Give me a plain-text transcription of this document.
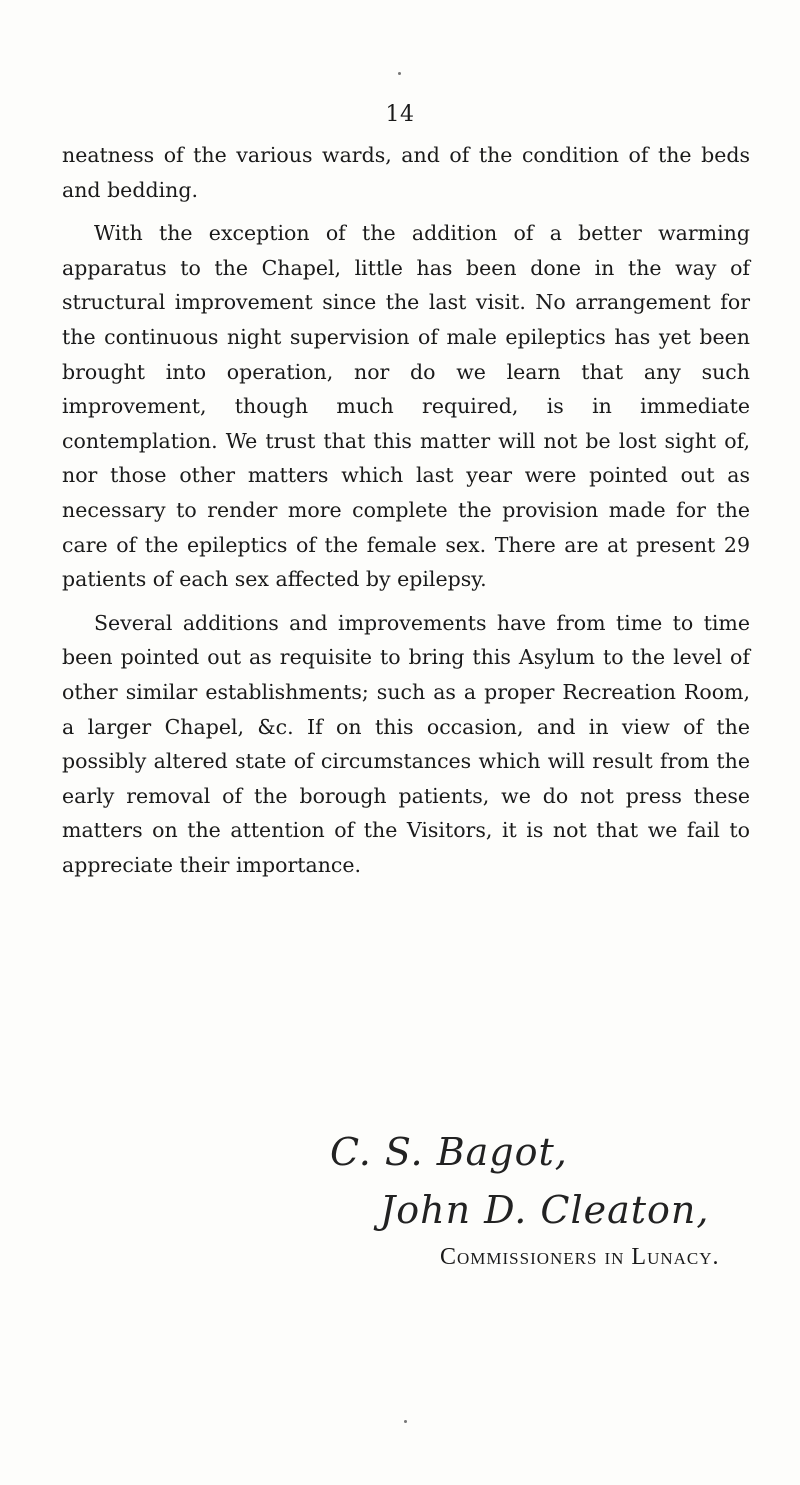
14

neatness of the various wards, and of the condition of the beds and bedding.

With the exception of the addition of a better warming apparatus to the Chapel, little has been done in the way of structural improvement since the last visit. No arrangement for the continuous night supervision of male epileptics has yet been brought into operation, nor do we learn that any such improvement, though much required, is in immediate contemplation. We trust that this matter will not be lost sight of, nor those other matters which last year were pointed out as necessary to render more complete the provision made for the care of the epileptics of the female sex. There are at present 29 patients of each sex affected by epilepsy.

Several additions and improvements have from time to time been pointed out as requisite to bring this Asylum to the level of other similar establishments; such as a proper Recreation Room, a larger Chapel, &c. If on this occasion, and in view of the possibly altered state of circumstances which will result from the early removal of the borough patients, we do not press these matters on the attention of the Visitors, it is not that we fail to appreciate their importance.

C. S. Bagot,
John D. Cleaton,
Commissioners in Lunacy.
